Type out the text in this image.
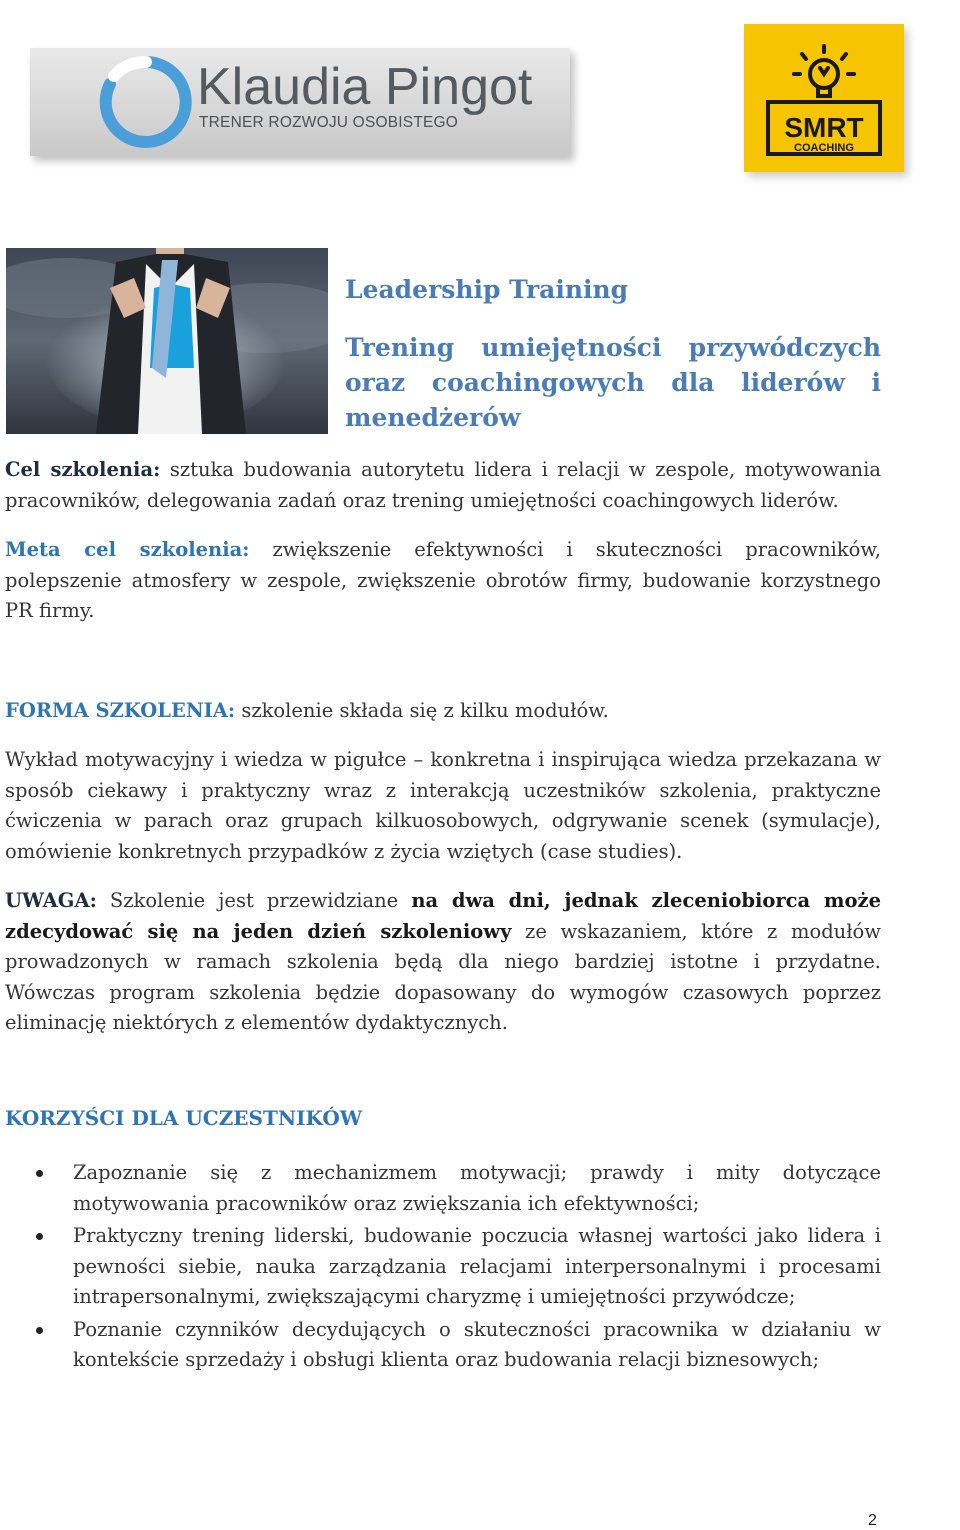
Klaudia Pingot
TRENER ROZWOJU OSOBISTEGO	SMRT
COACHING
Leadership Training
Trening umiejętności przywódczych oraz coachingowych dla liderów i menedżerów

Cel szkolenia: sztuka budowania autorytetu lidera i relacji w zespole, motywowania pracowników, delegowania zadań oraz trening umiejętności coachingowych liderów.

Meta cel szkolenia: zwiększenie efektywności i skuteczności pracowników, polepszenie atmosfery w zespole, zwiększenie obrotów firmy, budowanie korzystnego PR firmy.

FORMA SZKOLENIA: szkolenie składa się z kilku modułów.

Wykład motywacyjny i wiedza w pigułce – konkretna i inspirująca wiedza przekazana w sposób ciekawy i praktyczny wraz z interakcją uczestników szkolenia, praktyczne ćwiczenia w parach oraz grupach kilkuosobowych, odgrywanie scenek (symulacje), omówienie konkretnych przypadków z życia wziętych (case studies).

UWAGA: Szkolenie jest przewidziane na dwa dni, jednak zleceniobiorca może zdecydować się na jeden dzień szkoleniowy ze wskazaniem, które z modułów prowadzonych w ramach szkolenia będą dla niego bardziej istotne i przydatne. Wówczas program szkolenia będzie dopasowany do wymogów czasowych poprzez eliminację niektórych z elementów dydaktycznych.

KORZYŚCI DLA UCZESTNIKÓW
Zapoznanie się z mechanizmem motywacji; prawdy i mity dotyczące motywowania pracowników oraz zwiększania ich efektywności;
Praktyczny trening liderski, budowanie poczucia własnej wartości jako lidera i pewności siebie, nauka zarządzania relacjami interpersonalnymi i procesami intrapersonalnymi, zwiększającymi charyzmę i umiejętności przywódcze;
Poznanie czynników decydujących o skuteczności pracownika w działaniu w kontekście sprzedaży i obsługi klienta oraz budowania relacji biznesowych;
2
